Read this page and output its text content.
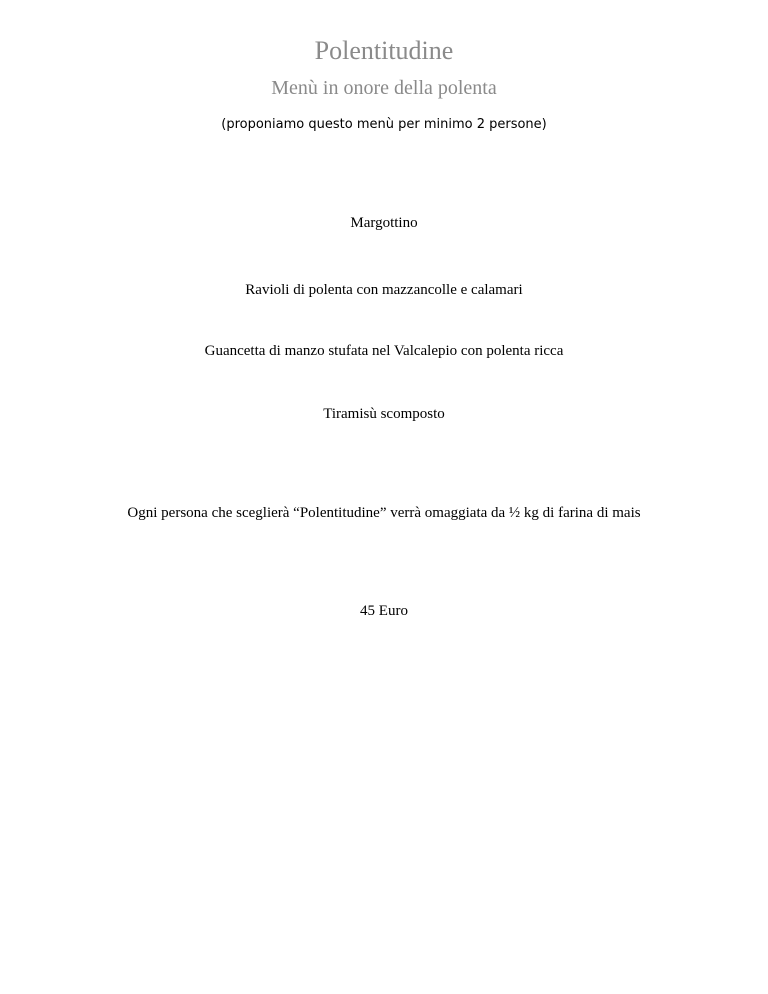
Polentitudine
Menù in onore della polenta
(proponiamo questo menù per minimo 2 persone)
Margottino
Ravioli di polenta con mazzancolle e calamari
Guancetta di manzo stufata nel Valcalepio con polenta ricca
Tiramisù scomposto
Ogni persona che sceglierà “Polentitudine” verrà omaggiata da ½ kg di farina di mais
45 Euro
